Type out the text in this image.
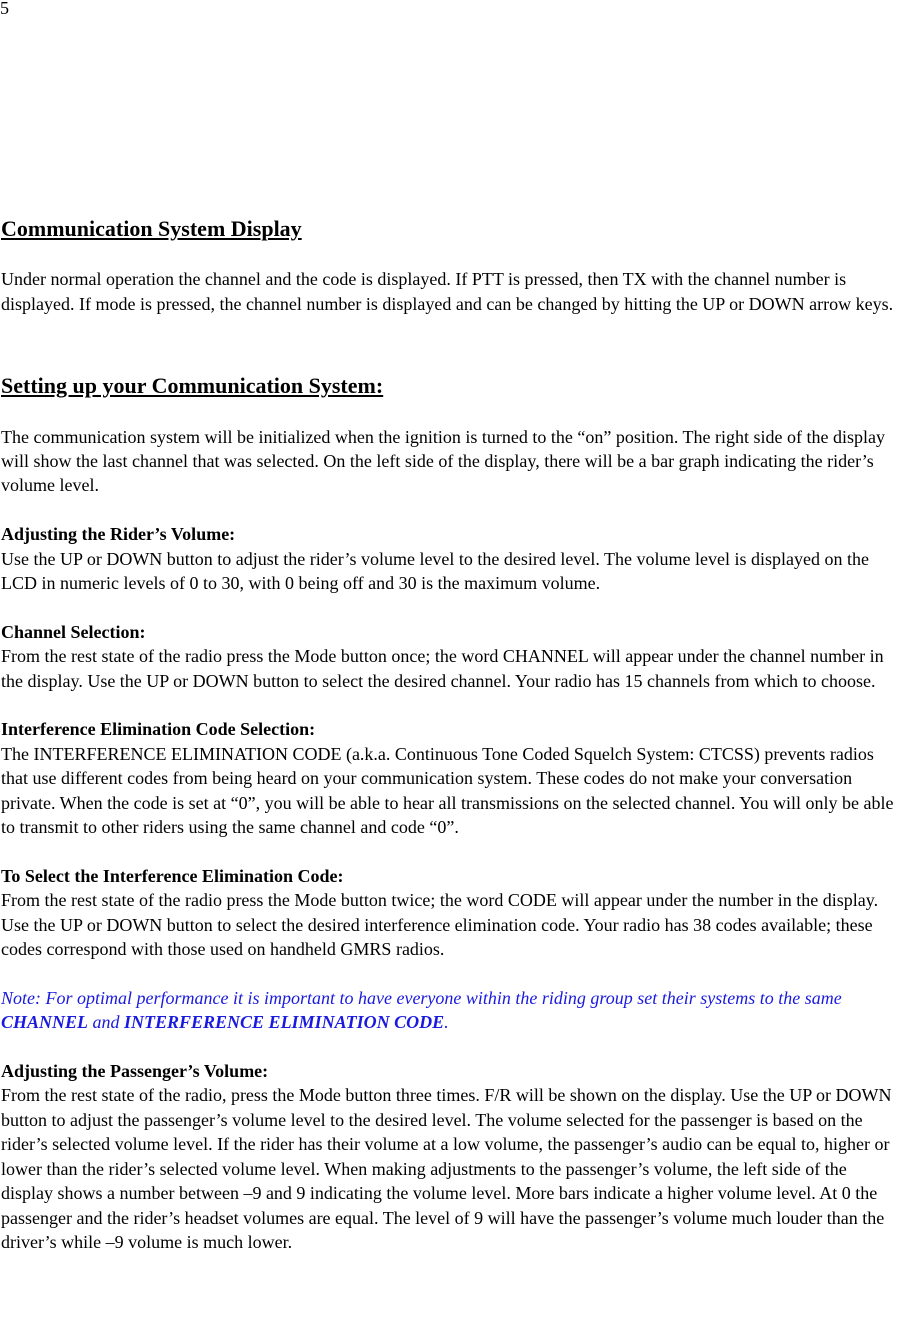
5
Communication System Display

Under normal operation the channel and the code is displayed. If PTT is pressed, then TX with the channel number is displayed. If mode is pressed, the channel number is displayed and can be changed by hitting the UP or DOWN arrow keys.

Setting up your Communication System:

The communication system will be initialized when the ignition is turned to the “on” position. The right side of the display will show the last channel that was selected. On the left side of the display, there will be a bar graph indicating the rider’s volume level.

Adjusting the Rider’s Volume:

Use the UP or DOWN button to adjust the rider’s volume level to the desired level. The volume level is displayed on the LCD in numeric levels of 0 to 30, with 0 being off and 30 is the maximum volume.

Channel Selection:

From the rest state of the radio press the Mode button once; the word CHANNEL will appear under the channel number in the display. Use the UP or DOWN button to select the desired channel. Your radio has 15 channels from which to choose.

Interference Elimination Code Selection:

The INTERFERENCE ELIMINATION CODE (a.k.a. Continuous Tone Coded Squelch System: CTCSS) prevents radios that use different codes from being heard on your communication system. These codes do not make your conversation private. When the code is set at “0”, you will be able to hear all transmissions on the selected channel. You will only be able to transmit to other riders using the same channel and code “0”.

To Select the Interference Elimination Code:

From the rest state of the radio press the Mode button twice; the word CODE will appear under the number in the display. Use the UP or DOWN button to select the desired interference elimination code. Your radio has 38 codes available; these codes correspond with those used on handheld GMRS radios.

Note: For optimal performance it is important to have everyone within the riding group set their systems to the same CHANNEL and INTERFERENCE ELIMINATION CODE.

Adjusting the Passenger’s Volume:

From the rest state of the radio, press the Mode button three times. F/R will be shown on the display. Use the UP or DOWN button to adjust the passenger’s volume level to the desired level. The volume selected for the passenger is based on the rider’s selected volume level. If the rider has their volume at a low volume, the passenger’s audio can be equal to, higher or lower than the rider’s selected volume level. When making adjustments to the passenger’s volume, the left side of the display shows a number between –9 and 9 indicating the volume level. More bars indicate a higher volume level. At 0 the passenger and the rider’s headset volumes are equal. The level of 9 will have the passenger’s volume much louder than the driver’s while –9 volume is much lower.
